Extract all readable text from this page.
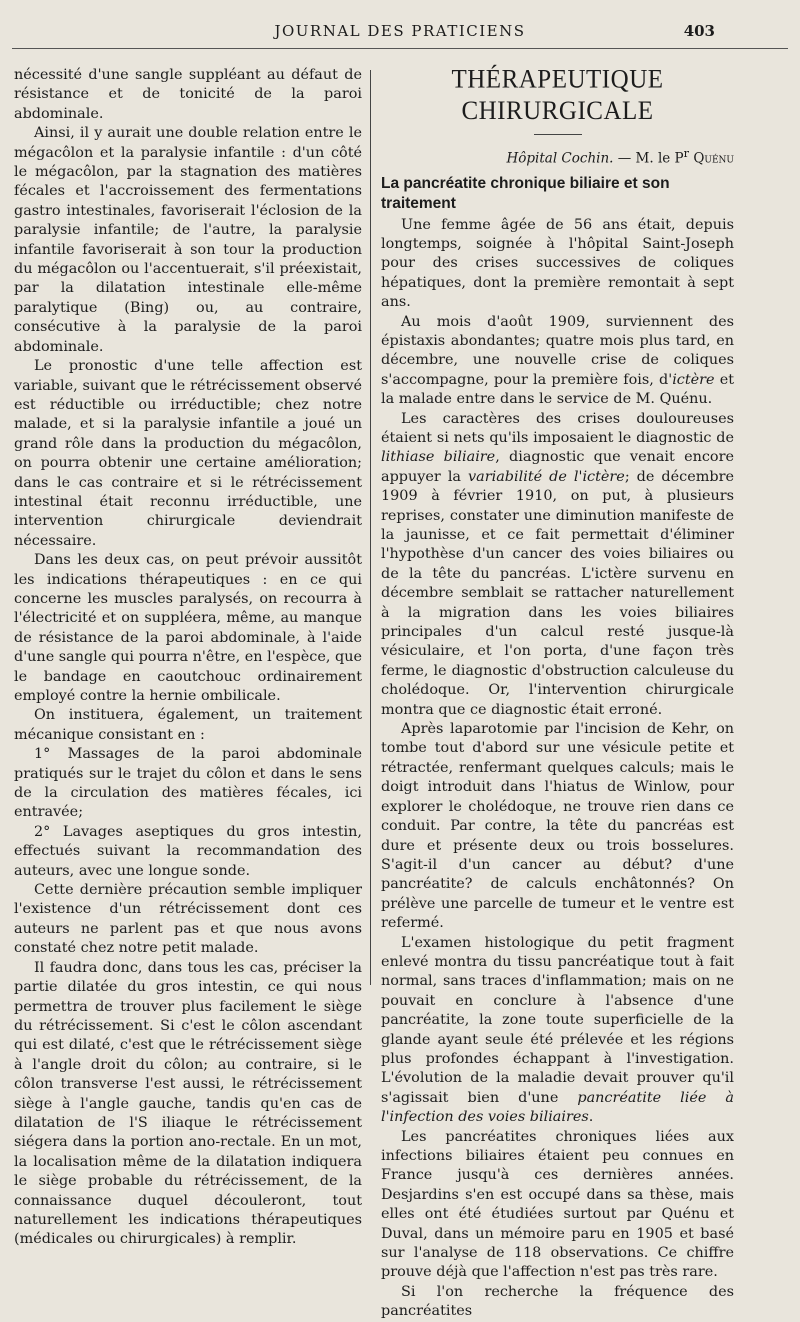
JOURNAL DES PRATICIENS	403

nécessité d'une sangle suppléant au défaut de résistance et de tonicité de la paroi abdominale.

Ainsi, il y aurait une double relation entre le mégacôlon et la paralysie infantile : d'un côté le mégacôlon, par la stagnation des matières fécales et l'accroissement des fermentations gastro intestinales, favoriserait l'éclosion de la paralysie infantile; de l'autre, la paralysie infantile favoriserait à son tour la production du mégacôlon ou l'accentuerait, s'il préexistait, par la dilatation intestinale elle-même paralytique (Bing) ou, au contraire, consécutive à la paralysie de la paroi abdominale.

Le pronostic d'une telle affection est variable, suivant que le rétrécissement observé est réductible ou irréductible; chez notre malade, et si la paralysie infantile a joué un grand rôle dans la production du mégacôlon, on pourra obtenir une certaine amélioration; dans le cas contraire et si le rétrécissement intestinal était reconnu irréductible, une intervention chirurgicale deviendrait nécessaire.

Dans les deux cas, on peut prévoir aussitôt les indications thérapeutiques : en ce qui concerne les muscles paralysés, on recourra à l'électricité et on suppléera, même, au manque de résistance de la paroi abdominale, à l'aide d'une sangle qui pourra n'être, en l'espèce, que le bandage en caoutchouc ordinairement employé contre la hernie ombilicale.

On instituera, également, un traitement mécanique consistant en :

1° Massages de la paroi abdominale pratiqués sur le trajet du côlon et dans le sens de la circulation des matières fécales, ici entravée;

2° Lavages aseptiques du gros intestin, effectués suivant la recommandation des auteurs, avec une longue sonde.

Cette dernière précaution semble impliquer l'existence d'un rétrécissement dont ces auteurs ne parlent pas et que nous avons constaté chez notre petit malade.

Il faudra donc, dans tous les cas, préciser la partie dilatée du gros intestin, ce qui nous permettra de trouver plus facilement le siège du rétrécissement. Si c'est le côlon ascendant qui est dilaté, c'est que le rétrécissement siège à l'angle droit du côlon; au contraire, si le côlon transverse l'est aussi, le rétrécissement siège à l'angle gauche, tandis qu'en cas de dilatation de l'S iliaque le rétrécissement siégera dans la portion ano-rectale. En un mot, la localisation même de la dilatation indiquera le siège probable du rétrécissement, de la connaissance duquel découleront, tout naturellement les indications thérapeutiques (médicales ou chirurgicales) à remplir.

THÉRAPEUTIQUE CHIRURGICALE
Hôpital Cochin. — M. le $P^r$ Quénu
La pancréatite chronique biliaire et son traitement

Une femme âgée de 56 ans était, depuis longtemps, soignée à l'hôpital Saint-Joseph pour des crises successives de coliques hépatiques, dont la première remontait à sept ans.

Au mois d'août 1909, surviennent des épistaxis abondantes; quatre mois plus tard, en décembre, une nouvelle crise de coliques s'accompagne, pour la première fois, d'ictère et la malade entre dans le service de M. Quénu.

Les caractères des crises douloureuses étaient si nets qu'ils imposaient le diagnostic de lithiase biliaire, diagnostic que venait encore appuyer la variabilité de l'ictère; de décembre 1909 à février 1910, on put, à plusieurs reprises, constater une diminution manifeste de la jaunisse, et ce fait permettait d'éliminer l'hypothèse d'un cancer des voies biliaires ou de la tête du pancréas. L'ictère survenu en décembre semblait se rattacher naturellement à la migration dans les voies biliaires principales d'un calcul resté jusque-là vésiculaire, et l'on porta, d'une façon très ferme, le diagnostic d'obstruction calculeuse du cholédoque. Or, l'intervention chirurgicale montra que ce diagnostic était erroné.

Après laparotomie par l'incision de Kehr, on tombe tout d'abord sur une vésicule petite et rétractée, renfermant quelques calculs; mais le doigt introduit dans l'hiatus de Winlow, pour explorer le cholédoque, ne trouve rien dans ce conduit. Par contre, la tête du pancréas est dure et présente deux ou trois bosselures. S'agit-il d'un cancer au début? d'une pancréatite? de calculs enchâtonnés? On prélève une parcelle de tumeur et le ventre est refermé.

L'examen histologique du petit fragment enlevé montra du tissu pancréatique tout à fait normal, sans traces d'inflammation; mais on ne pouvait en conclure à l'absence d'une pancréatite, la zone toute superficielle de la glande ayant seule été prélevée et les régions plus profondes échappant à l'investigation. L'évolution de la maladie devait prouver qu'il s'agissait bien d'une pancréatite liée à l'infection des voies biliaires.

Les pancréatites chroniques liées aux infections biliaires étaient peu connues en France jusqu'à ces dernières années. Desjardins s'en est occupé dans sa thèse, mais elles ont été étudiées surtout par Quénu et Duval, dans un mémoire paru en 1905 et basé sur l'analyse de 118 observations. Ce chiffre prouve déjà que l'affection n'est pas très rare.

Si l'on recherche la fréquence des pancréatites
